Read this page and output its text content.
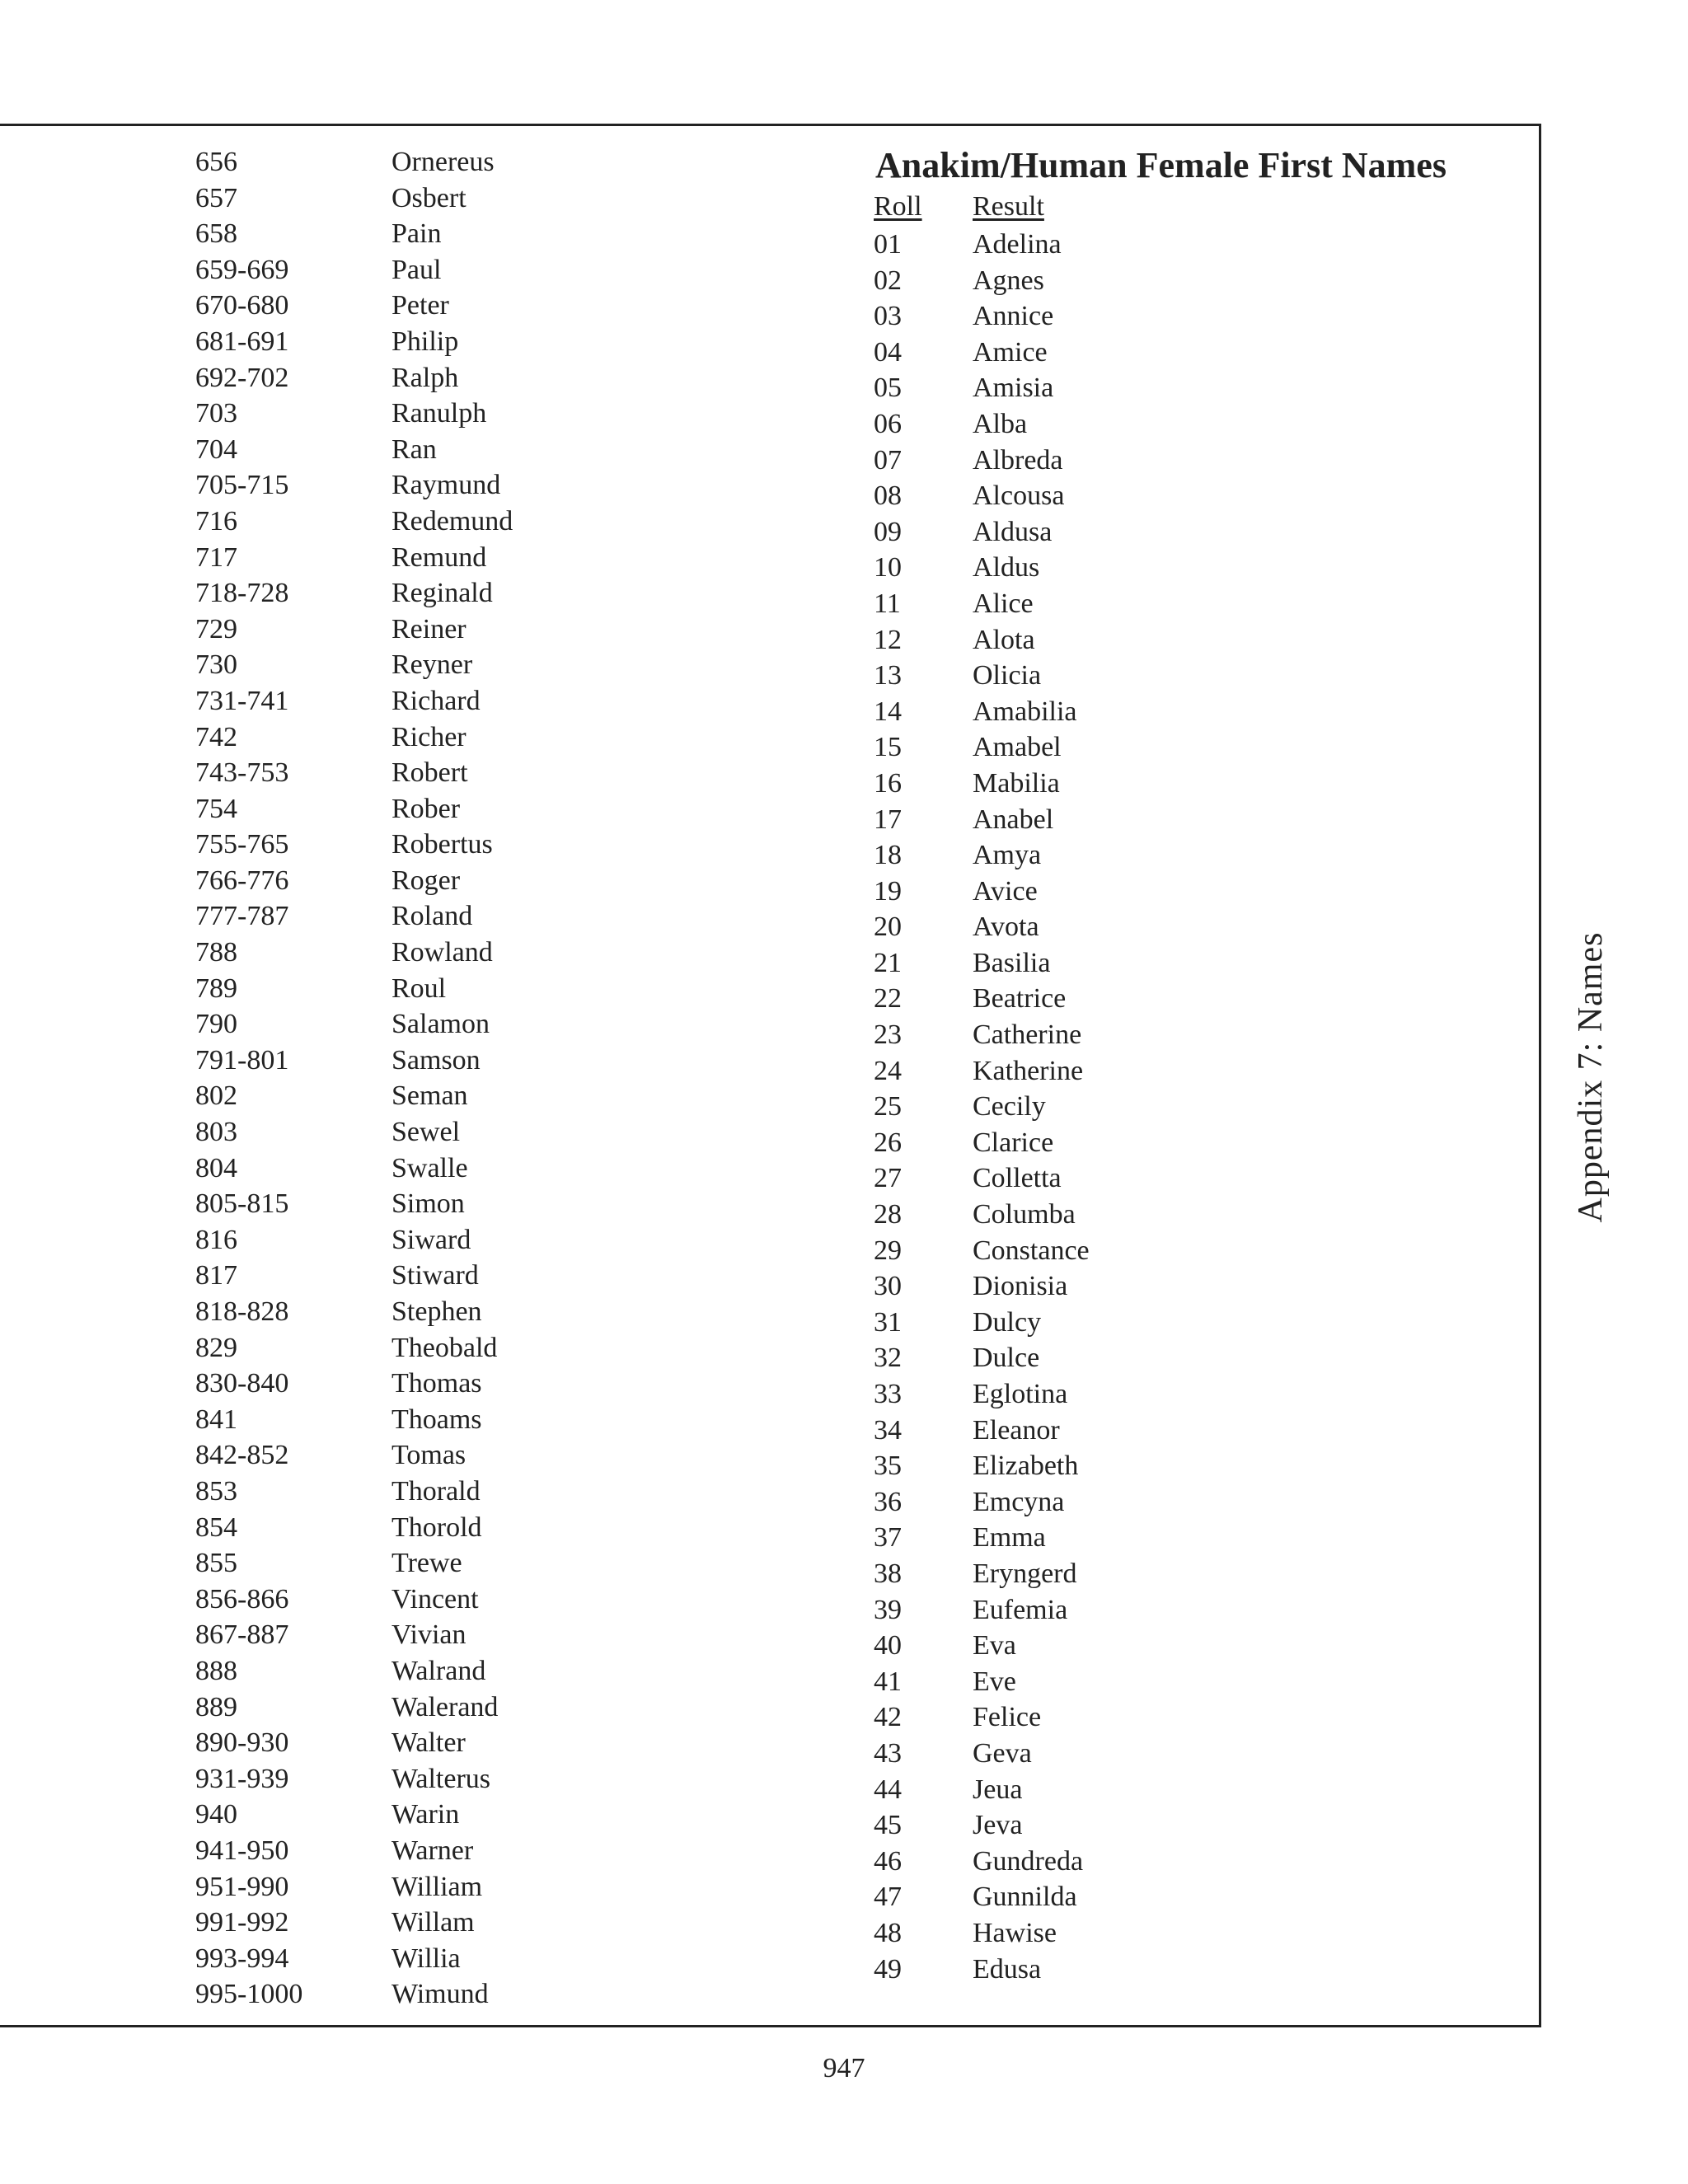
656	Ornereus
657	Osbert
658	Pain
659-669	Paul
670-680	Peter
681-691	Philip
692-702	Ralph
703	Ranulph
704	Ran
705-715	Raymund
716	Redemund
717	Remund
718-728	Reginald
729	Reiner
730	Reyner
731-741	Richard
742	Richer
743-753	Robert
754	Rober
755-765	Robertus
766-776	Roger
777-787	Roland
788	Rowland
789	Roul
790	Salamon
791-801	Samson
802	Seman
803	Sewel
804	Swalle
805-815	Simon
816	Siward
817	Stiward
818-828	Stephen
829	Theobald
830-840	Thomas
841	Thoams
842-852	Tomas
853	Thorald
854	Thorold
855	Trewe
856-866	Vincent
867-887	Vivian
888	Walrand
889	Walerand
890-930	Walter
931-939	Walterus
940	Warin
941-950	Warner
951-990	William
991-992	Willam
993-994	Willia
995-1000	Wimund
Anakim/Human Female First Names
Roll Result
01	Adelina
02	Agnes
03	Annice
04	Amice
05	Amisia
06	Alba
07	Albreda
08	Alcousa
09	Aldusa
10	Aldus
11	Alice
12	Alota
13	Olicia
14	Amabilia
15	Amabel
16	Mabilia
17	Anabel
18	Amya
19	Avice
20	Avota
21	Basilia
22	Beatrice
23	Catherine
24	Katherine
25	Cecily
26	Clarice
27	Colletta
28	Columba
29	Constance
30	Dionisia
31	Dulcy
32	Dulce
33	Eglotina
34	Eleanor
35	Elizabeth
36	Emcyna
37	Emma
38	Eryngerd
39	Eufemia
40	Eva
41	Eve
42	Felice
43	Geva
44	Jeua
45	Jeva
46	Gundreda
47	Gunnilda
48	Hawise
49	Edusa
Appendix 7: Names
947
